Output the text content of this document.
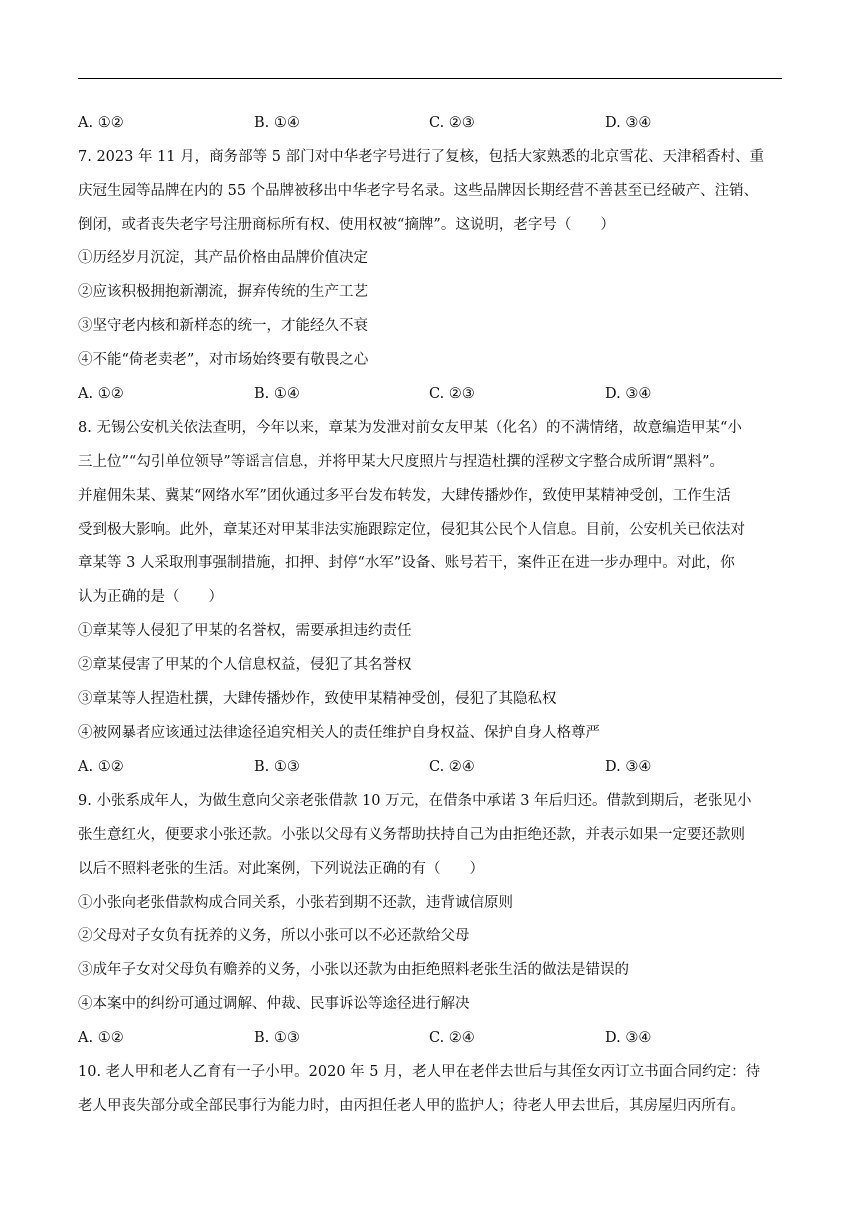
A. ①②	B. ①④	C. ②③	D. ③④
7. 2023 年 11 月，商务部等 5 部门对中华老字号进行了复核，包括大家熟悉的北京雪花、天津稻香村、重
庆冠生园等品牌在内的 55 个品牌被移出中华老字号名录。这些品牌因长期经营不善甚至已经破产、注销、
倒闭，或者丧失老字号注册商标所有权、使用权被“摘牌”。这说明，老字号（　　）
①历经岁月沉淀，其产品价格由品牌价值决定
②应该积极拥抱新潮流，摒弃传统的生产工艺
③坚守老内核和新样态的统一，才能经久不衰
④不能“倚老卖老”，对市场始终要有敬畏之心
A. ①②	B. ①④	C. ②③	D. ③④
8. 无锡公安机关依法查明，今年以来，章某为发泄对前女友甲某（化名）的不满情绪，故意编造甲某“小
三上位”“勾引单位领导”等谣言信息，并将甲某大尺度照片与捏造杜撰的淫秽文字整合成所谓“黑料”。
并雇佣朱某、冀某“网络水军”团伙通过多平台发布转发，大肆传播炒作，致使甲某精神受创，工作生活
受到极大影响。此外，章某还对甲某非法实施跟踪定位，侵犯其公民个人信息。目前，公安机关已依法对
章某等 3 人采取刑事强制措施，扣押、封停“水军”设备、账号若干，案件正在进一步办理中。对此，你
认为正确的是（　　）
①章某等人侵犯了甲某的名誉权，需要承担违约责任
②章某侵害了甲某的个人信息权益，侵犯了其名誉权
③章某等人捏造杜撰，大肆传播炒作，致使甲某精神受创，侵犯了其隐私权
④被网暴者应该通过法律途径追究相关人的责任维护自身权益、保护自身人格尊严
A. ①②	B. ①③	C. ②④	D. ③④
9. 小张系成年人，为做生意向父亲老张借款 10 万元，在借条中承诺 3 年后归还。借款到期后，老张见小
张生意红火，便要求小张还款。小张以父母有义务帮助扶持自己为由拒绝还款，并表示如果一定要还款则
以后不照料老张的生活。对此案例，下列说法正确的有（　　）
①小张向老张借款构成合同关系，小张若到期不还款，违背诚信原则
②父母对子女负有抚养的义务，所以小张可以不必还款给父母
③成年子女对父母负有赡养的义务，小张以还款为由拒绝照料老张生活的做法是错误的
④本案中的纠纷可通过调解、仲裁、民事诉讼等途径进行解决
A. ①②	B. ①③	C. ②④	D. ③④
10. 老人甲和老人乙育有一子小甲。2020 年 5 月，老人甲在老伴去世后与其侄女丙订立书面合同约定：待
老人甲丧失部分或全部民事行为能力时，由丙担任老人甲的监护人；待老人甲去世后，其房屋归丙所有。
